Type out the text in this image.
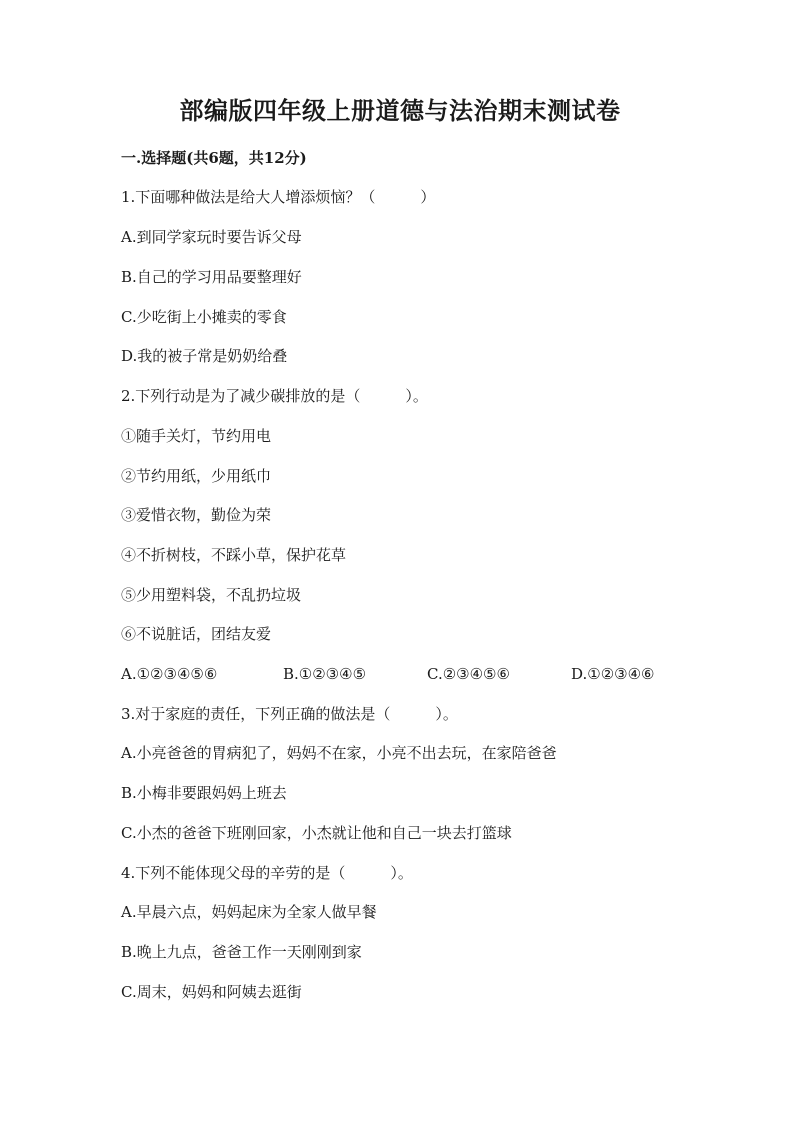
部编版四年级上册道德与法治期末测试卷
一.选择题(共6题，共12分)
1.下面哪种做法是给大人增添烦恼？（　　　）
A.到同学家玩时要告诉父母
B.自己的学习用品要整理好
C.少吃街上小摊卖的零食
D.我的被子常是奶奶给叠
2.下列行动是为了减少碳排放的是（　　　）。
①随手关灯，节约用电
②节约用纸，少用纸巾
③爱惜衣物，勤俭为荣
④不折树枝，不踩小草，保护花草
⑤少用塑料袋，不乱扔垃圾
⑥不说脏话，团结友爱
A.①②③④⑤⑥	B.①②③④⑤	C.②③④⑤⑥	D.①②③④⑥
3.对于家庭的责任，下列正确的做法是（　　　）。
A.小亮爸爸的胃病犯了，妈妈不在家，小亮不出去玩，在家陪爸爸
B.小梅非要跟妈妈上班去
C.小杰的爸爸下班刚回家，小杰就让他和自己一块去打篮球
4.下列不能体现父母的辛劳的是（　　　）。
A.早晨六点，妈妈起床为全家人做早餐
B.晚上九点，爸爸工作一天刚刚到家
C.周末，妈妈和阿姨去逛街
